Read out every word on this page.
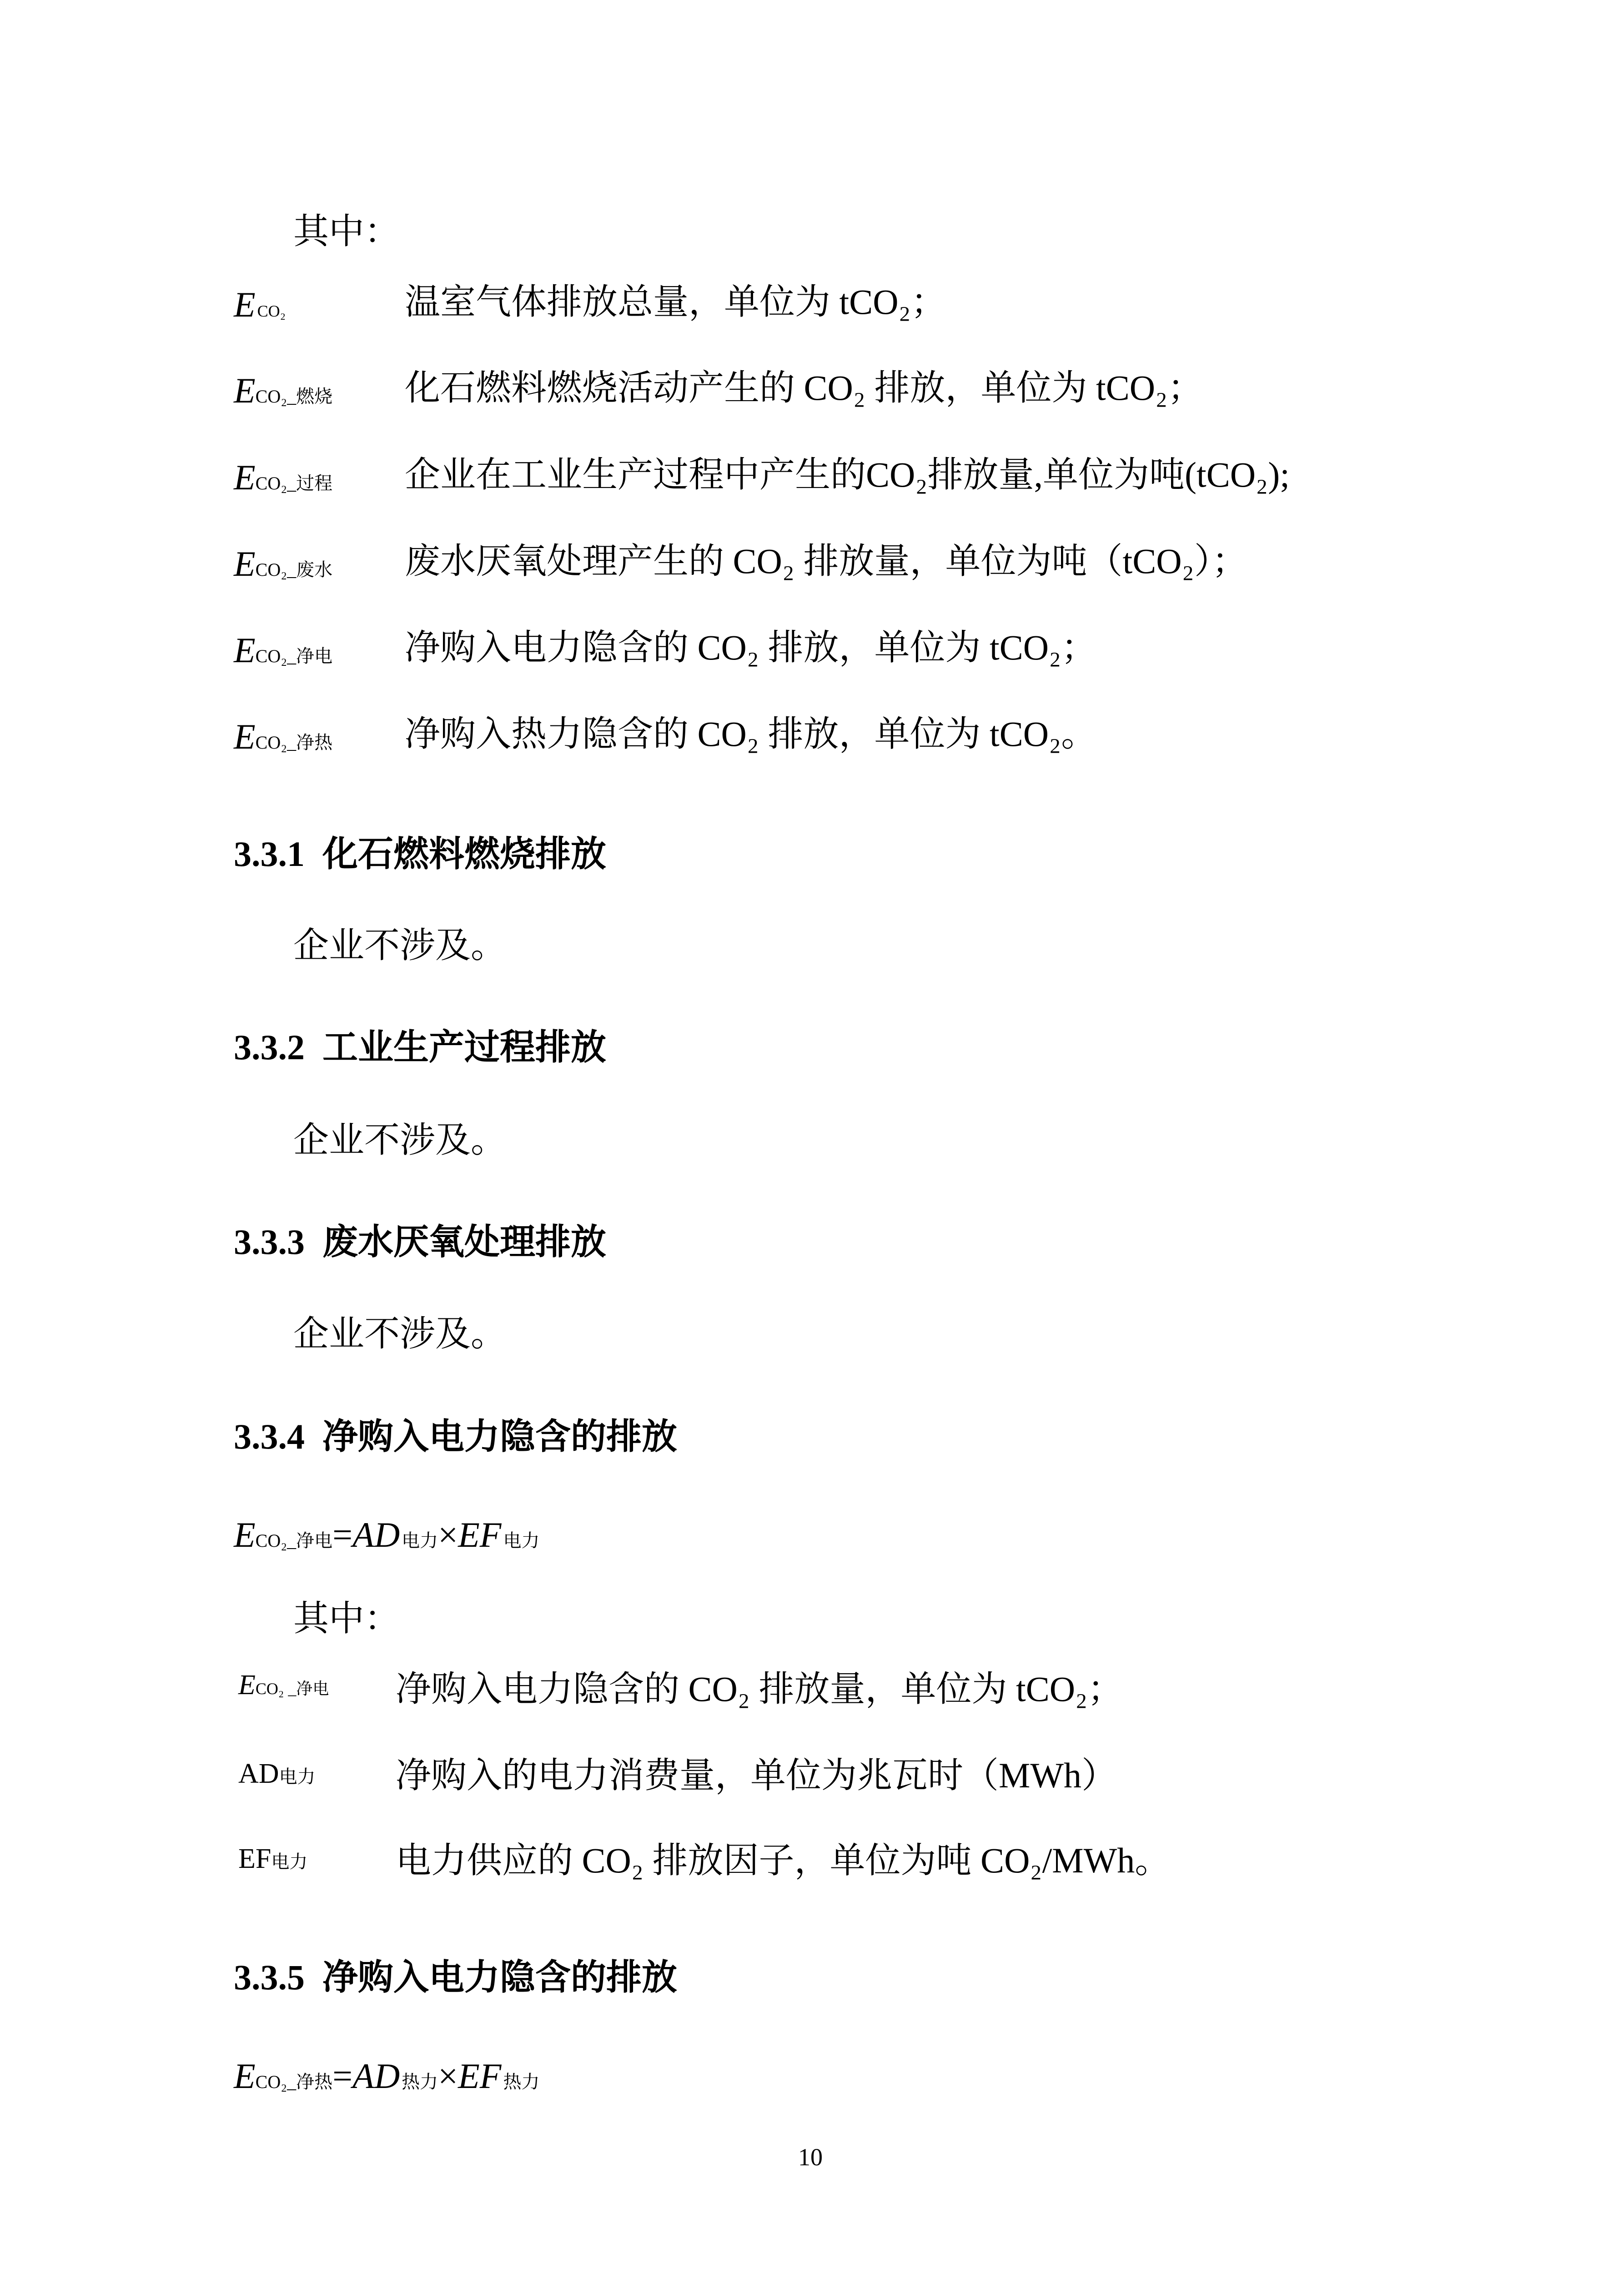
其中：
E CO₂	温室气体排放总量，单位为 tCO₂；
ECO₂_燃烧 化石燃料燃烧活动产生的 CO₂ 排放，单位为 tCO₂；
ECO₂_过程 企业在工业生产过程中产生的CO₂排放量,单位为吨(tCO₂);
ECO₂_废水 废水厌氧处理产生的 CO₂ 排放量，单位为吨（tCO₂）；
ECO₂_净电 净购入电力隐含的 CO₂ 排放，单位为 tCO₂；
ECO₂_净热 净购入热力隐含的 CO₂ 排放，单位为 tCO₂。
3.3.1 化石燃料燃烧排放
企业不涉及。
3.3.2 工业生产过程排放
企业不涉及。
3.3.3 废水厌氧处理排放
企业不涉及。
3.3.4 净购入电力隐含的排放
ECO₂_净电=AD 电力×EF 电力
其中：
ECO₂ _净电 净购入电力隐含的 CO₂ 排放量，单位为 tCO₂；
AD电力 净购入的电力消费量，单位为兆瓦时（MWh）
EF电力 电力供应的 CO₂ 排放因子，单位为吨 CO₂/MWh。
3.3.5 净购入电力隐含的排放
ECO₂_净热=AD 热力×EF 热力
10
